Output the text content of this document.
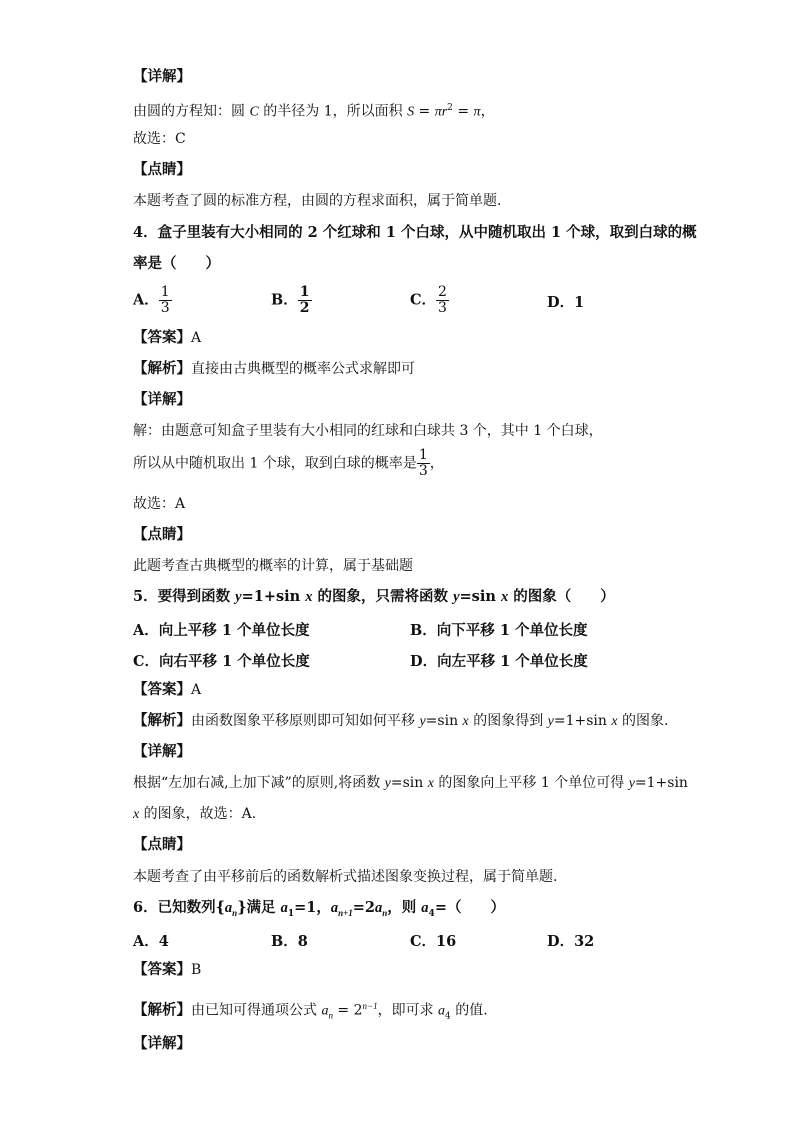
【详解】
由圆的方程知：圆 C 的半径为 1，所以面积 $S = \pi r^2 = \pi$，
故选：C
【点睛】
本题考查了圆的标准方程，由圆的方程求面积，属于简单题.
4．盒子里装有大小相同的 2 个红球和 1 个白球，从中随机取出 1 个球，取到白球的概
率是（　　）
A． $\frac{1}{3}$	B． $\frac{1}{2}$	C． $\frac{2}{3}$	D．1
【答案】A
【解析】直接由古典概型的概率公式求解即可
【详解】
解：由题意可知盒子里装有大小相同的红球和白球共 3 个，其中 1 个白球，
所以从中随机取出 1 个球，取到白球的概率是 $\frac{1}{3}$ ，
故选：A
【点睛】
此题考查古典概型的概率的计算，属于基础题
5．要得到函数 y=1+sin x 的图象，只需将函数 y=sin x 的图象（　　）
A．向上平移 1 个单位长度	B．向下平移 1 个单位长度
C．向右平移 1 个单位长度	D．向左平移 1 个单位长度
【答案】A
【解析】由函数图象平移原则即可知如何平移 y=sin x 的图象得到 y=1+sin x 的图象.
【详解】
根据“左加右减,上加下减”的原则,将函数 y=sin x 的图象向上平移 1 个单位可得 y=1+sin
x 的图象，故选：A.
【点睛】
本题考查了由平移前后的函数解析式描述图象变换过程，属于简单题.
6．已知数列$\{a_n\}$满足 $a_1=1$，$a_{n+1}=2a_n$，则 $a_4=$（　　）
A．4	B．8	C．16	D．32
【答案】B
【解析】由已知可得通项公式 $a_n = 2^{n-1}$，即可求 $a_4$ 的值.
【详解】
